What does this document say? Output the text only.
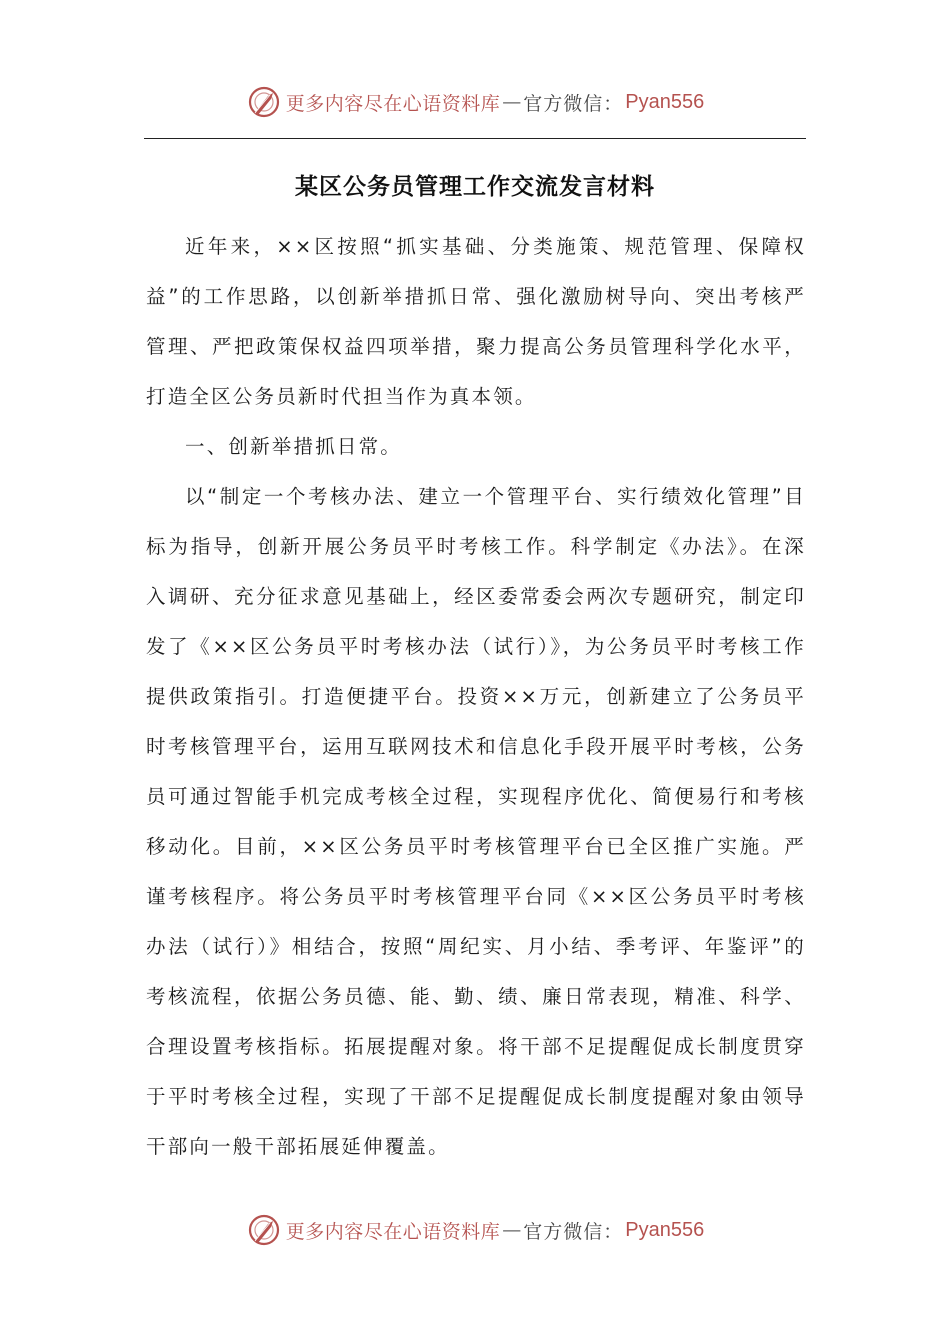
更多内容尽在心语资料库 — 官方微信： Pyan556
某区公务员管理工作交流发言材料

近年来，××区按照“抓实基础、分类施策、规范管理、保障权益”的工作思路，以创新举措抓日常、强化激励树导向、突出考核严管理、严把政策保权益四项举措，聚力提高公务员管理科学化水平，打造全区公务员新时代担当作为真本领。

一、创新举措抓日常。

以“制定一个考核办法、建立一个管理平台、实行绩效化管理”目标为指导，创新开展公务员平时考核工作。科学制定《办法》。在深入调研、充分征求意见基础上，经区委常委会两次专题研究，制定印发了《××区公务员平时考核办法（试行）》，为公务员平时考核工作提供政策指引。打造便捷平台。投资××万元，创新建立了公务员平时考核管理平台，运用互联网技术和信息化手段开展平时考核，公务员可通过智能手机完成考核全过程，实现程序优化、简便易行和考核移动化。目前，××区公务员平时考核管理平台已全区推广实施。严谨考核程序。将公务员平时考核管理平台同《××区公务员平时考核办法（试行）》相结合，按照“周纪实、月小结、季考评、年鉴评”的考核流程，依据公务员德、能、勤、绩、廉日常表现，精准、科学、合理设置考核指标。拓展提醒对象。将干部不足提醒促成长制度贯穿于平时考核全过程，实现了干部不足提醒促成长制度提醒对象由领导干部向一般干部拓展延伸覆盖。

更多内容尽在心语资料库 — 官方微信： Pyan556
